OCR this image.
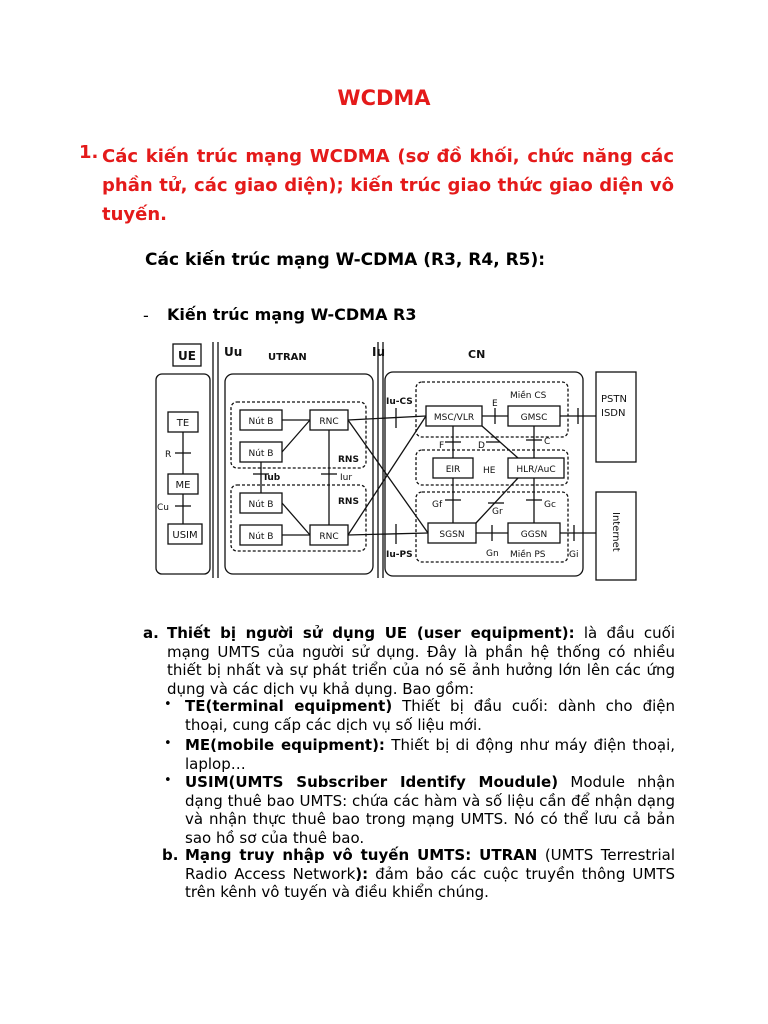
WCDMA
1. Các kiến trúc mạng WCDMA (sơ đồ khối, chức năng các phần tử, các giao diện); kiến trúc giao thức giao diện vô tuyến.
Các kiến trúc mạng W-CDMA (R3, R4, R5):
- Kiến trúc mạng W-CDMA R3
UE Uu	UTRAN	Iu	CN
TE
R
ME
Cu
USIM
Nút B
Nút B
Nút B
Nút B
RNC
RNC
RNS
RNS
Iub	Iur
Iu-CS
Iu-PS
Miền CS
Miền PS
MSC/VLR	GMSC
EIR	HE HLR/AuC
SGSN	GGSN
E
C
F	D
Gf
Gr
Gc
Gn	Gi
PSTN
ISDN
Internet
a. Thiết bị người sử dụng UE (user equipment): là đầu cuối mạng UMTS của người sử dụng. Đây là phần hệ thống có nhiều thiết bị nhất và sự phát triển của nó sẽ ảnh hưởng lớn lên các ứng dụng và các dịch vụ khả dụng. Bao gồm:
• TE(terminal equipment) Thiết bị đầu cuối: dành cho điện thoại, cung cấp các dịch vụ số liệu mới.
• ME(mobile equipment): Thiết bị di động như máy điện thoại, laplop…
• USIM(UMTS Subscriber Identify Moudule) Module nhận dạng thuê bao UMTS: chứa các hàm và số liệu cần để nhận dạng và nhận thực thuê bao trong mạng UMTS. Nó có thể lưu cả bản sao hồ sơ của thuê bao.
b. Mạng truy nhập vô tuyến UMTS: UTRAN (UMTS Terrestrial Radio Access Network): đảm bảo các cuộc truyền thông UMTS trên kênh vô tuyến và điều khiển chúng.
